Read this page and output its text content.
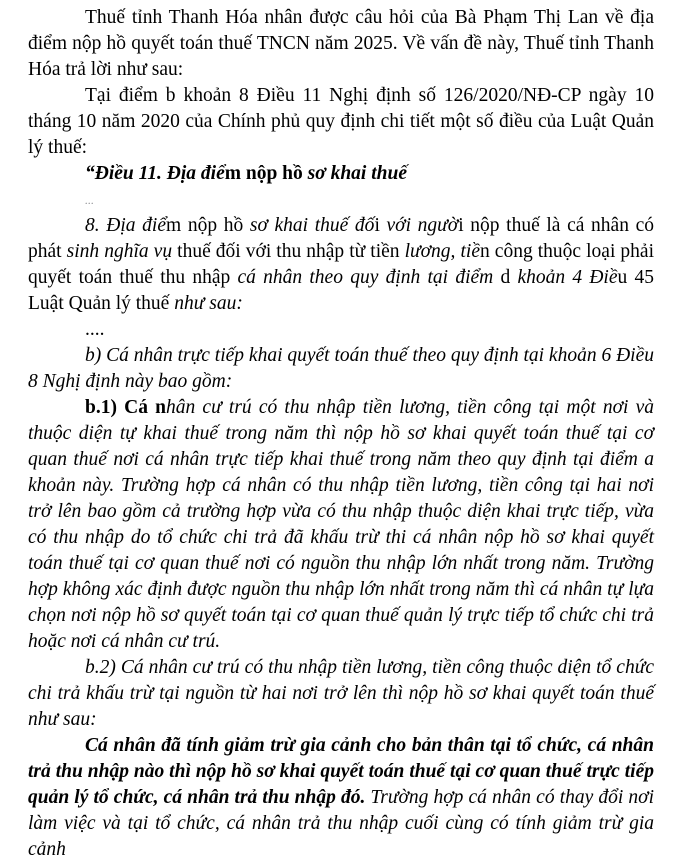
Thuế tỉnh Thanh Hóa nhân được câu hỏi của Bà Phạm Thị Lan về địa điểm nộp hồ quyết toán thuế TNCN năm 2025. Về vấn đề này, Thuế tỉnh Thanh Hóa trả lời như sau:

Tại điểm b khoản 8 Điều 11 Nghị định số 126/2020/NĐ-CP ngày 10 tháng 10 năm 2020 của Chính phủ quy định chi tiết một số điều của Luật Quản lý thuế:

“Điều 11. Địa điểm nộp hồ sơ khai thuế

...

8. Địa điểm nộp hồ sơ khai thuế đối với người nộp thuế là cá nhân có phát sinh nghĩa vụ thuế đối với thu nhập từ tiền lương, tiền công thuộc loại phải quyết toán thuế thu nhập cá nhân theo quy định tại điểm d khoản 4 Điều 45 Luật Quản lý thuế như sau:

....

b) Cá nhân trực tiếp khai quyết toán thuế theo quy định tại khoản 6 Điều 8 Nghị định này bao gồm:

b.1) Cá nhân cư trú có thu nhập tiền lương, tiền công tại một nơi và thuộc diện tự khai thuế trong năm thì nộp hồ sơ khai quyết toán thuế tại cơ quan thuế nơi cá nhân trực tiếp khai thuế trong năm theo quy định tại điểm a khoản này. Trường hợp cá nhân có thu nhập tiền lương, tiền công tại hai nơi trở lên bao gồm cả trường hợp vừa có thu nhập thuộc diện khai trực tiếp, vừa có thu nhập do tổ chức chi trả đã khấu trừ thi cá nhân nộp hồ sơ khai quyết toán thuế tại cơ quan thuế nơi có nguồn thu nhập lớn nhất trong năm. Trường hợp không xác định được nguồn thu nhập lớn nhất trong năm thì cá nhân tự lựa chọn nơi nộp hồ sơ quyết toán tại cơ quan thuế quản lý trực tiếp tổ chức chi trả hoặc nơi cá nhân cư trú.

b.2) Cá nhân cư trú có thu nhập tiền lương, tiền công thuộc diện tổ chức chi trả khấu trừ tại nguồn từ hai nơi trở lên thì nộp hồ sơ khai quyết toán thuế như sau:

Cá nhân đã tính giảm trừ gia cảnh cho bản thân tại tổ chức, cá nhân trả thu nhập nào thì nộp hồ sơ khai quyết toán thuế tại cơ quan thuế trực tiếp quản lý tổ chức, cá nhân trả thu nhập đó. Trường hợp cá nhân có thay đổi nơi làm việc và tại tổ chức, cá nhân trả thu nhập cuối cùng có tính giảm trừ gia cảnh
